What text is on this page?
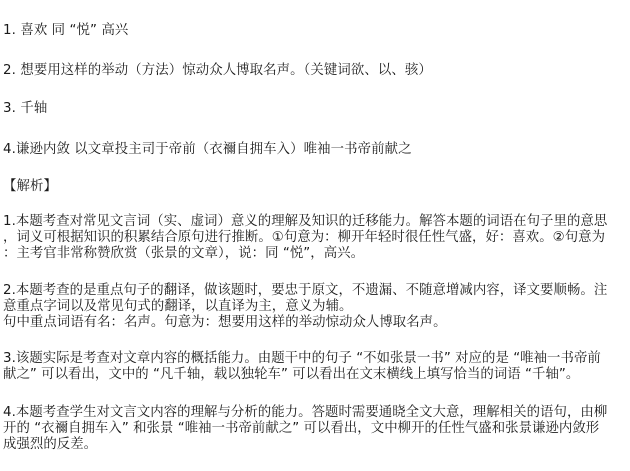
1. 喜欢 同 “悦” 高兴
2. 想要用这样的举动（方法）惊动众人博取名声。（关键词欲、以、骇）
3. 千轴
4.谦逊内敛 以文章投主司于帝前（衣禰自拥车入）唯袖一书帝前献之
【解析】
1.本题考查对常见文言词（实、虚词）意义的理解及知识的迁移能力。解答本题的词语在句子里的意思
，词义可根据知识的积累结合原句进行推断。①句意为：柳开年轻时很任性气盛，好：喜欢。②句意为
：主考官非常称赞欣赏（张景的文章），说：同 “悦”，高兴。
2.本题考查的是重点句子的翻译，做该题时，要忠于原文，不遗漏、不随意增减内容，译文要顺畅。注
意重点字词以及常见句式的翻译，以直译为主，意义为辅。
句中重点词语有名：名声。句意为：想要用这样的举动惊动众人博取名声。
3.该题实际是考查对文章内容的概括能力。由题干中的句子 “不如张景一书” 对应的是 “唯袖一书帝前
献之” 可以看出，文中的 “凡千轴，载以独轮车” 可以看出在文末横线上填写恰当的词语 “千轴”。
4.本题考查学生对文言文内容的理解与分析的能力。答题时需要通晓全文大意，理解相关的语句，由柳
开的 “衣禰自拥车入” 和张景 “唯袖一书帝前献之” 可以看出，文中柳开的任性气盛和张景谦逊内敛形
成强烈的反差。
